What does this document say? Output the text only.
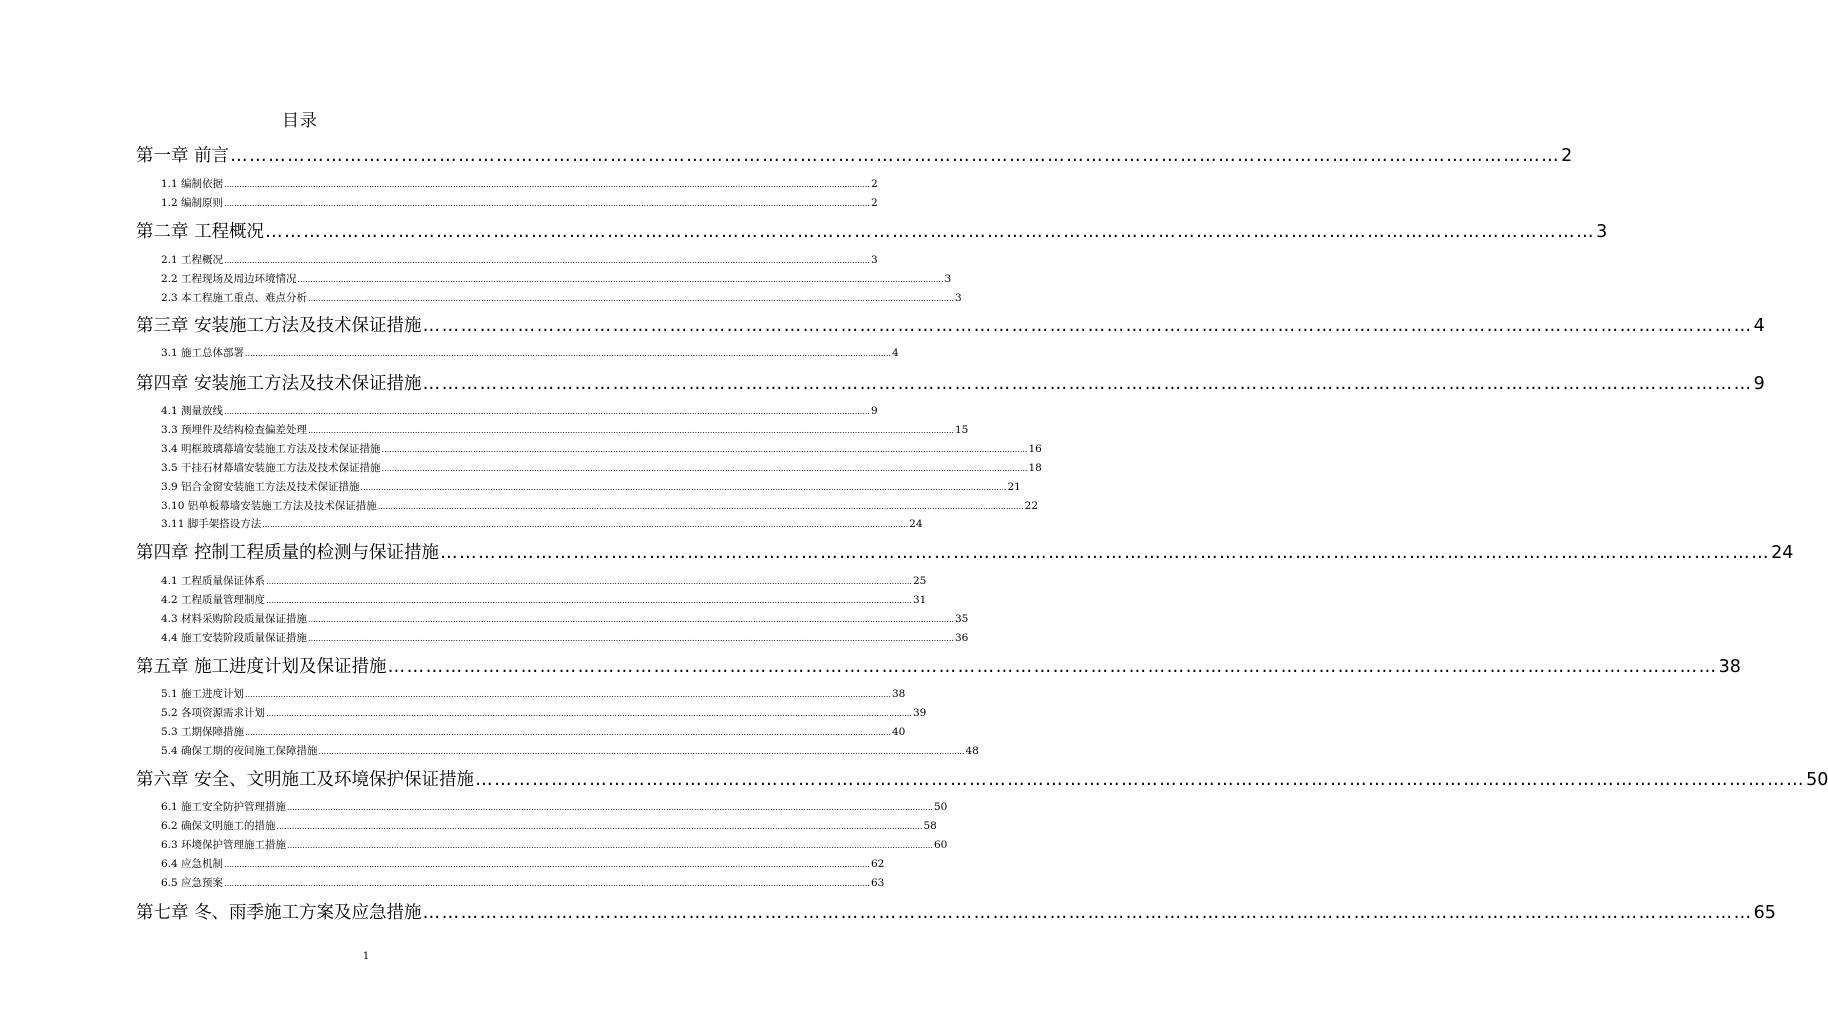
目录
第一章 前言 ………………………………………………………………………………………………………………………………………………………………………………………… 2
1.1 编制依据 .............................................................................................................................................................................................................................................................. 2
1.2 编制原则 .............................................................................................................................................................................................................................................................. 2
第二章 工程概况 ………………………………………………………………………………………………………………………………………………………………………………………… 3
2.1 工程概况 .............................................................................................................................................................................................................................................................. 3
2.2 工程现场及周边环境情况 .............................................................................................................................................................................................................................................................. 3
2.3 本工程施工重点、难点分析 .............................................................................................................................................................................................................................................................. 3
第三章 安装施工方法及技术保证措施 ………………………………………………………………………………………………………………………………………………………………………………………… 4
3.1 施工总体部署 .............................................................................................................................................................................................................................................................. 4
第四章 安装施工方法及技术保证措施 ………………………………………………………………………………………………………………………………………………………………………………………… 9
4.1 测量放线 .............................................................................................................................................................................................................................................................. 9
3.3 预埋件及结构检查偏差处理 .............................................................................................................................................................................................................................................................. 15
3.4 明框玻璃幕墙安装施工方法及技术保证措施 .............................................................................................................................................................................................................................................................. 16
3.5 干挂石材幕墙安装施工方法及技术保证措施 .............................................................................................................................................................................................................................................................. 18
3.9 铝合金窗安装施工方法及技术保证措施 .............................................................................................................................................................................................................................................................. 21
3.10 铝单板幕墙安装施工方法及技术保证措施 .............................................................................................................................................................................................................................................................. 22
3.11 脚手架搭设方法 .............................................................................................................................................................................................................................................................. 24
第四章 控制工程质量的检测与保证措施 ………………………………………………………………………………………………………………………………………………………………………………………… 24
4.1 工程质量保证体系 .............................................................................................................................................................................................................................................................. 25
4.2 工程质量管理制度 .............................................................................................................................................................................................................................................................. 31
4.3 材料采购阶段质量保证措施 .............................................................................................................................................................................................................................................................. 35
4.4 施工安装阶段质量保证措施 .............................................................................................................................................................................................................................................................. 36
第五章 施工进度计划及保证措施 ………………………………………………………………………………………………………………………………………………………………………………………… 38
5.1 施工进度计划 .............................................................................................................................................................................................................................................................. 38
5.2 各项资源需求计划 .............................................................................................................................................................................................................................................................. 39
5.3 工期保障措施 .............................................................................................................................................................................................................................................................. 40
5.4 确保工期的夜间施工保障措施 .............................................................................................................................................................................................................................................................. 48
第六章 安全、文明施工及环境保护保证措施 ………………………………………………………………………………………………………………………………………………………………………………………… 50
6.1 施工安全防护管理措施 .............................................................................................................................................................................................................................................................. 50
6.2 确保文明施工的措施 .............................................................................................................................................................................................................................................................. 58
6.3 环境保护管理施工措施 .............................................................................................................................................................................................................................................................. 60
6.4 应急机制 .............................................................................................................................................................................................................................................................. 62
6.5 应急预案 .............................................................................................................................................................................................................................................................. 63
第七章 冬、雨季施工方案及应急措施 ………………………………………………………………………………………………………………………………………………………………………………………… 65
1
